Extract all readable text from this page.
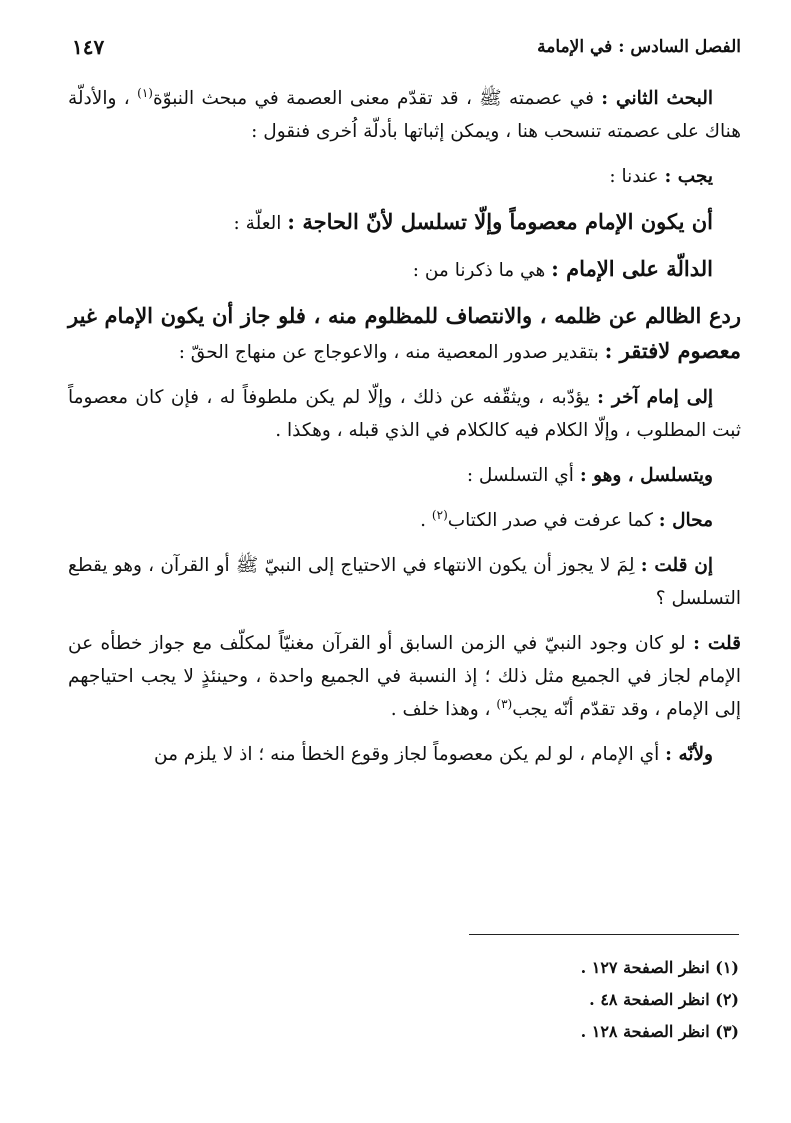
الفصل السادس : في الإمامة
١٤٧

البحث الثاني : في عصمته ﷺ ، قد تقدّم معنى العصمة في مبحث النبوّة$^{(١)}$ ، والأدلّة هناك على عصمته تنسحب هنا ، ويمكن إثباتها بأدلّة اُخرى فنقول :

يجب : عندنا :

أن يكون الإمام معصوماً وإلّا تسلسل لأنّ الحاجة : العلّة :

الدالّة على الإمام : هي ما ذكرنا من :

ردع الظالم عن ظلمه ، والانتصاف للمظلوم منه ، فلو جاز أن يكون الإمام غير معصوم لافتقر : بتقدير صدور المعصية منه ، والاعوجاج عن منهاج الحقّ :

إلى إمام آخر : يؤدّبه ، ويثقّفه عن ذلك ، وإلّا لم يكن ملطوفاً له ، فإن كان معصوماً ثبت المطلوب ، وإلّا الكلام فيه كالكلام في الذي قبله ، وهكذا .

ويتسلسل ، وهو : أي التسلسل :

محال : كما عرفت في صدر الكتاب$^{(٢)}$ .

إن قلت : لِمَ لا يجوز أن يكون الانتهاء في الاحتياج إلى النبيّ ﷺ أو القرآن ، وهو يقطع التسلسل ؟

قلت : لو كان وجود النبيّ في الزمن السابق أو القرآن مغنيّاً لمكلّف مع جواز خطأه عن الإمام لجاز في الجميع مثل ذلك ؛ إذ النسبة في الجميع واحدة ، وحينئذٍ لا يجب احتياجهم إلى الإمام ، وقد تقدّم أنّه يجب$^{(٣)}$ ، وهذا خلف .

ولأنّه : أي الإمام ، لو لم يكن معصوماً لجاز وقوع الخطأ منه ؛ اذ لا يلزم من

(١) انظر الصفحة ١٢٧ .
(٢) انظر الصفحة ٤٨ .
(٣) انظر الصفحة ١٢٨ .
